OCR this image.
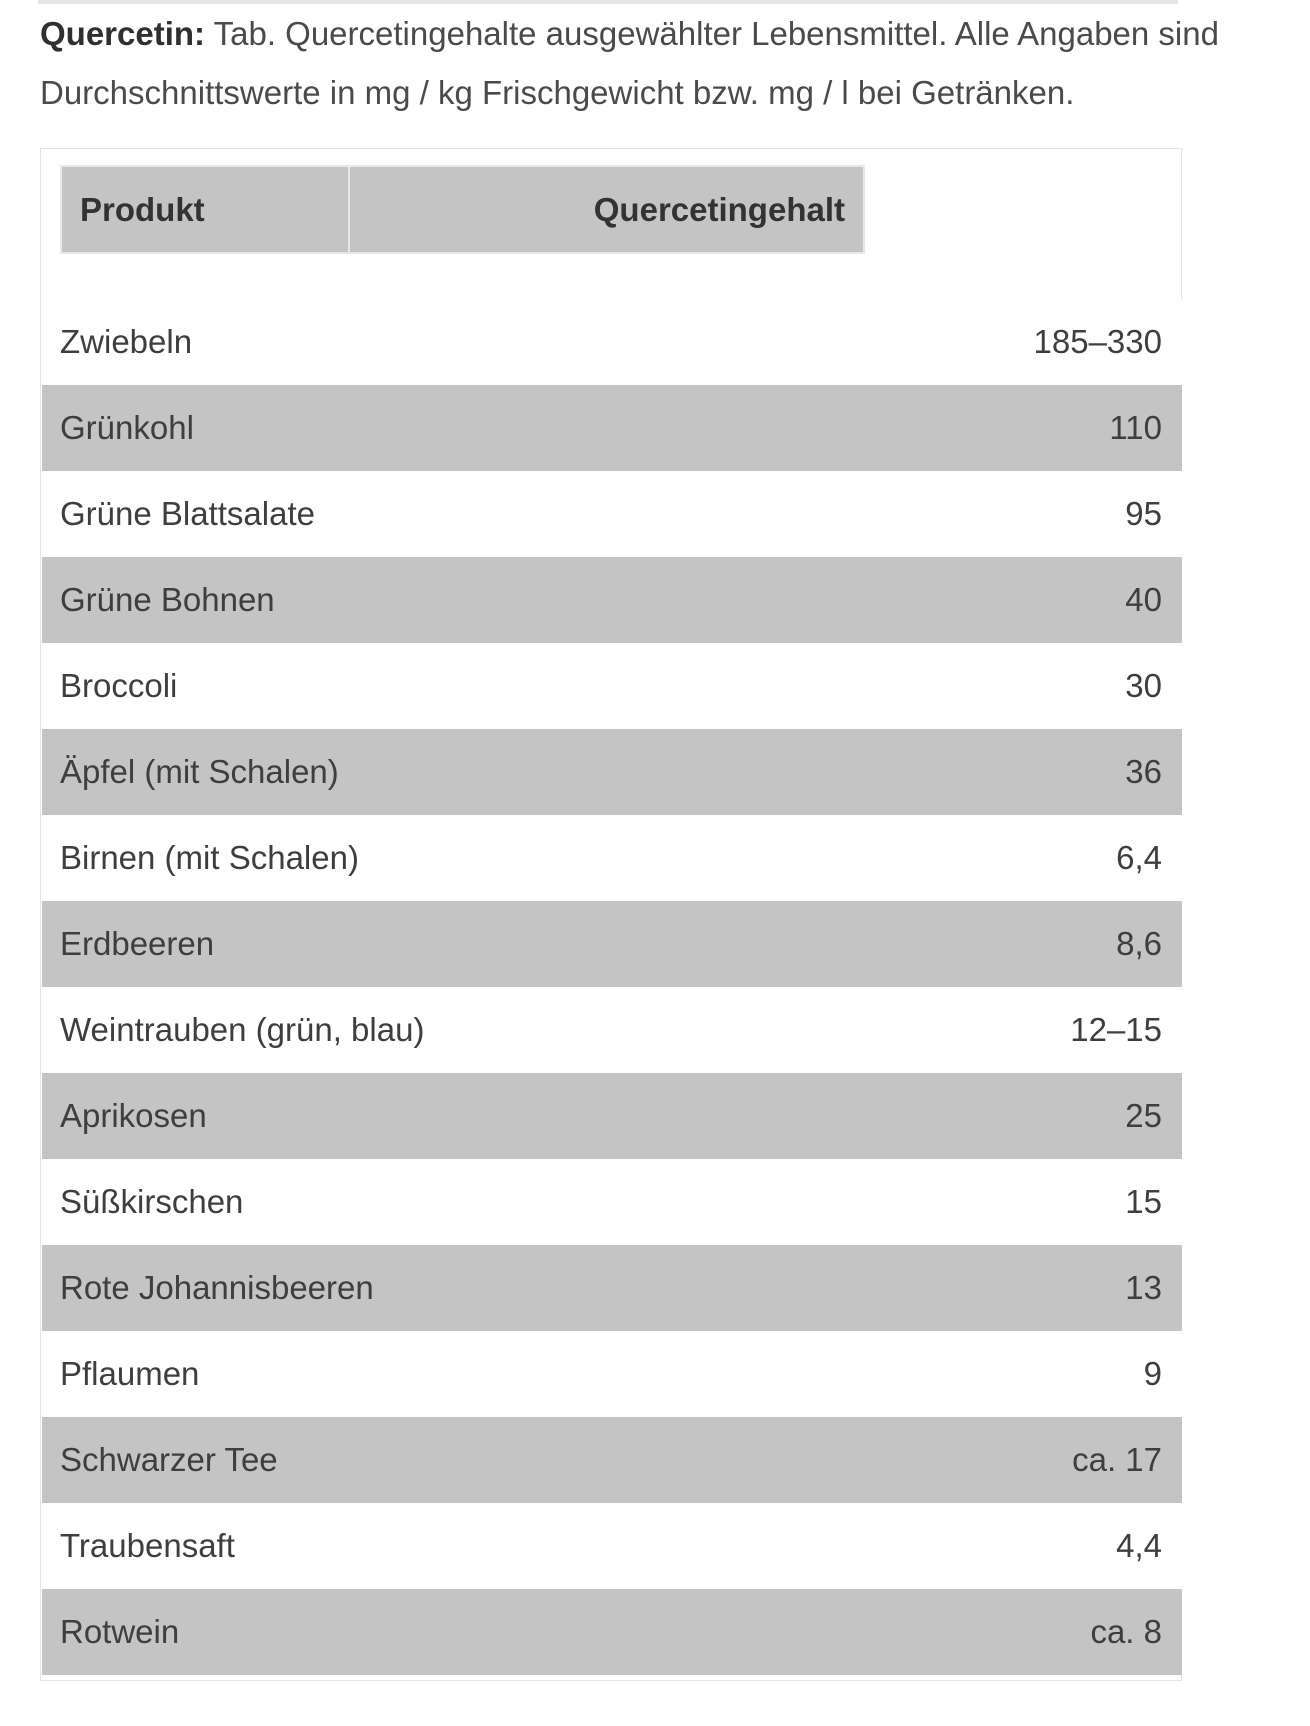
Quercetin: Tab. Quercetingehalte ausgewählter Lebensmittel. Alle Angaben sind Durchschnittswerte in mg / kg Frischgewicht bzw. mg / l bei Getränken.

Produkt	Quercetingehalt
Zwiebeln	185–330
Grünkohl	110
Grüne Blattsalate	95
Grüne Bohnen	40
Broccoli	30
Äpfel (mit Schalen)	36
Birnen (mit Schalen)	6,4
Erdbeeren	8,6
Weintrauben (grün, blau)	12–15
Aprikosen	25
Süßkirschen	15
Rote Johannisbeeren	13
Pflaumen	9
Schwarzer Tee	ca. 17
Traubensaft	4,4
Rotwein	ca. 8
